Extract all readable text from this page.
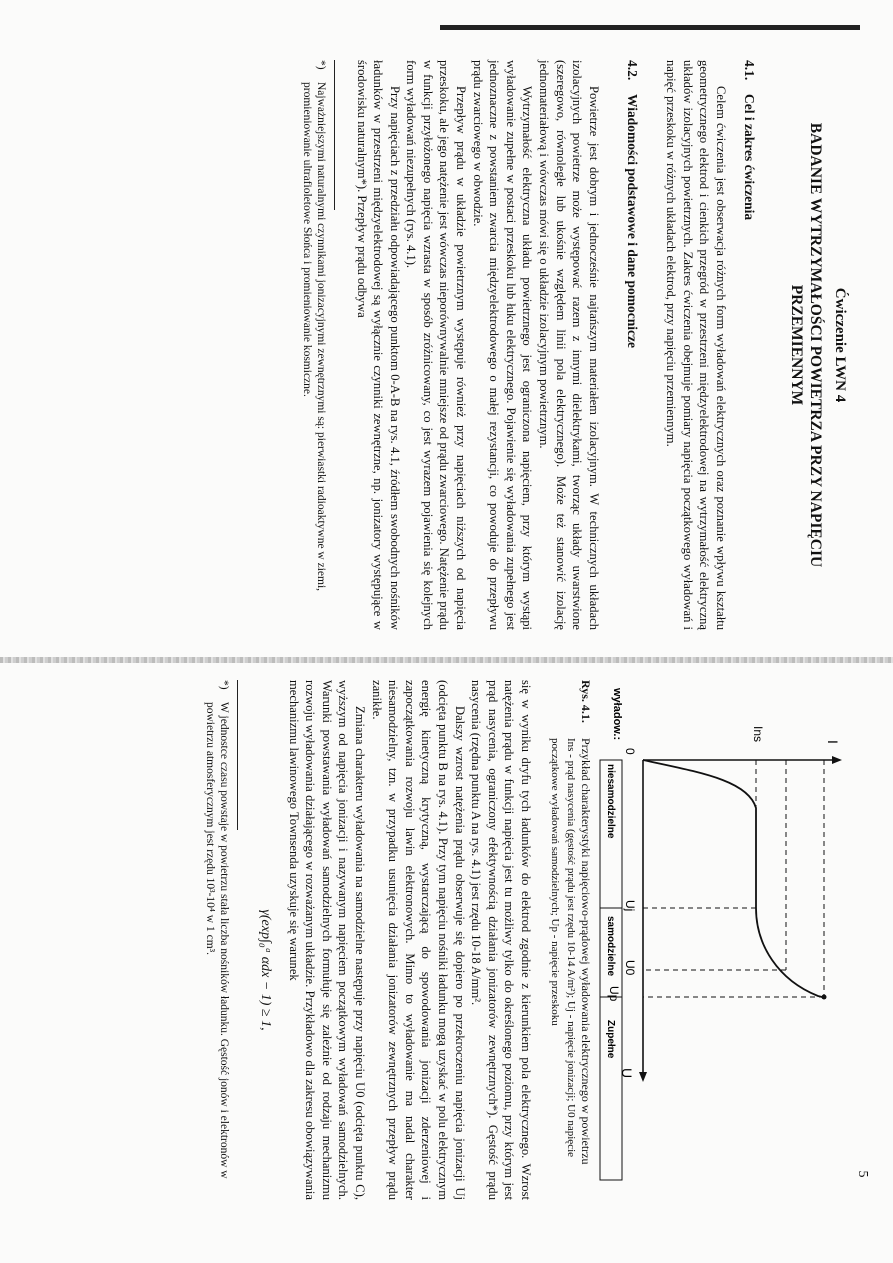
5
Ćwiczenie LWN 4
BADANIE WYTRZYMAŁOŚCI POWIETRZA PRZY NAPIĘCIU
PRZEMIENNYM
4.1.Cel i zakres ćwiczenia

Celem ćwiczenia jest obserwacja różnych form wyładowań elektrycznych oraz poznanie wpływu kształtu geometrycznego elektrod i cienkich przegród w przestrzeni międzyelektrodowej na wytrzymałość elektryczną układów izolacyjnych powietrznych. Zakres ćwiczenia obejmuje pomiary napięcia początkowego wyładowań i napięć przeskoku w różnych układach elektrod, przy napięciu przemiennym.

4.2.Wiadomości podstawowe i dane pomocnicze

Powietrze jest dobrym i jednocześnie najtańszym materiałem izolacyjnym. W technicznych układach izolacyjnych powietrze może występować razem z innymi dielektrykami, tworząc układy uwarstwione (szeregowo, równoległe lub ukośnie względem linii pola elektrycznego). Może też stanowić izolację jednomateriałową i wówczas mówi się o układzie izolacyjnym powietrznym.

Wytrzymałość elektryczna układu powietrznego jest ograniczona napięciem, przy którym wystąpi wyładowanie zupełne w postaci przeskoku lub łuku elektrycznego. Pojawienie się wyładowania zupełnego jest jednoznaczne z powstaniem zwarcia międzyelektrodowego o małej rezystancji, co powoduje do przepływu prądu zwarciowego w obwodzie.

Przepływ prądu w układzie powietrznym występuje również przy napięciach niższych od napięcia przeskoku, ale jego natężenie jest wówczas nieporównywalnie mniejsze od prądu zwarciowego. Natężenie prądu w funkcji przyłożonego napięcia wzrasta w sposób zróżnicowany, co jest wyrazem pojawienia się kolejnych form wyładowań niezupełnych (rys. 4.1).

Przy napięciach z przedziału odpowiadającego punktom 0-A-B na rys. 4.1, źródłem swobodnych nośników ładunków w przestrzeni międzyelektrodowej są wyłącznie czynniki zewnętrzne, np. jonizatory występujące w środowisku naturalnym*). Przepływ prądu odbywa

*)
Najważniejszymi naturalnymi czynnikami jonizacyjnymi zewnętrznymi są: pierwiastki radioaktywne w ziemi, promieniowanie ultrafioletowe Słońca i promieniowanie kosmiczne.
I
U
0
Ins
Uj
U0
Up
wyładow.:
niesamodzielne
samodzielne
Zupełne
Rys. 4.1.
Przykład charakterystyki napięciowo-prądowej wyładowania elektrycznego w powietrzu
Ins - prąd nasycenia (gęstość prądu jest rzędu 10-14 A/m²); Uj - napięcie jonizacji; U0 napięcie początkowe wyładowań samodzielnych; Up - napięcie przeskoku

się w wyniku dryfu tych ładunków do elektrod zgodnie z kierunkiem pola elektrycznego. Wzrost natężenia prądu w funkcji napięcia jest tu możliwy tylko do określonego poziomu, przy którym jest prąd nasycenia, ograniczony efektywnością działania jonizatorów zewnętrznych*). Gęstość prądu nasycenia (rzędna punktu A na rys. 4.1) jest rzędu 10-18 A/mm².

Dalszy wzrost natężenia prądu obserwuje się dopiero po przekroczeniu napięcia jonizacji Uj (odcięta punktu B na rys. 4.1). Przy tym napięciu nośniki ładunku mogą uzyskać w polu elektrycznym energię kinetyczną krytyczną, wystarczającą do spowodowania jonizacji zderzeniowej i zapoczątkowania rozwoju lawin elektronowych. Mimo to wyładowanie ma nadal charakter niesamodzielny, tzn. w przypadku usunięcia działania jonizatorów zewnętrznych przepływ prądu zanikłe.

Zmiana charakteru wyładowania na samodzielne następuje przy napięciu U0 (odcięta punktu C), wyższym od napięcia jonizacji i nazywanym napięciem początkowym wyładowań samodzielnych. Warunki powstawania wyładowań samodzielnych formułuje się zależnie od rodzaju mechanizmu rozwoju wyładowania działającego w rozważanym układzie. Przykładowo dla zakresu obowiązywania mechanizmu lawinowego Townsenda uzyskuje się warunek

γ(exp∫₀ᵃ αdx − 1) ≥ 1,
*)
W jednostce czasu powstaje w powietrzu stała liczba nośników ładunku. Gęstość jonów i elektronów w powietrzu atmosferycznym jest rzędu 10³-10⁴ w 1 cm³.
